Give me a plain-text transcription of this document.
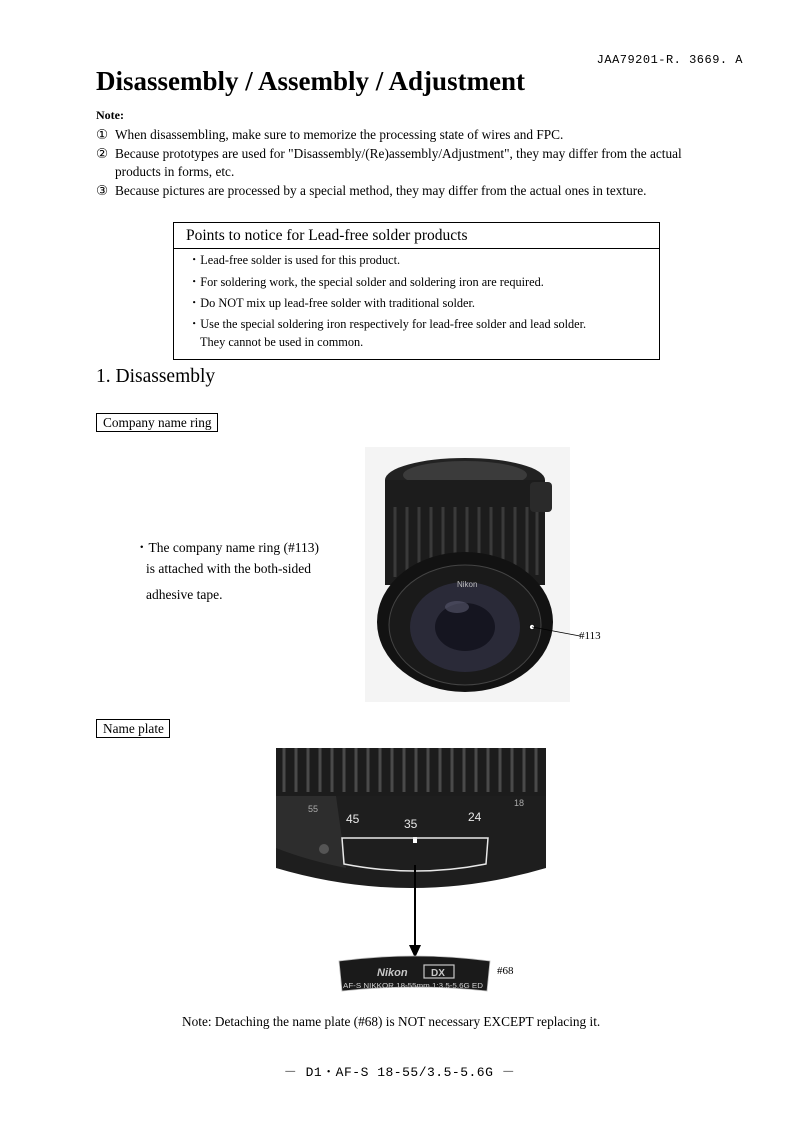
JAA79201-R. 3669. A
Disassembly / Assembly / Adjustment
Note:
① When disassembling, make sure to memorize the processing state of wires and FPC.
② Because prototypes are used for "Disassembly/(Re)assembly/Adjustment", they may differ from the actual
products in forms, etc.
③ Because pictures are processed by a special method, they may differ from the actual ones in texture.
Points to notice for Lead-free solder products
・Lead-free solder is used for this product.
・For soldering work, the special solder and soldering iron are required.
・Do NOT mix up lead-free solder with traditional solder.
・Use the special soldering iron respectively for lead-free solder and lead solder.
They cannot be used in common.
1. Disassembly
Company name ring
・The company name ring (#113)
is attached with the both-sided
adhesive tape.
Nikon
#113
Name plate
55
45	35	24
18
Nikon DX
AF-S NIKKOR 18-55mm 1:3.5-5.6G ED
#68
Note: Detaching the name plate (#68) is NOT necessary EXCEPT replacing it.
－ D1・AF-S 18-55/3.5-5.6G －
